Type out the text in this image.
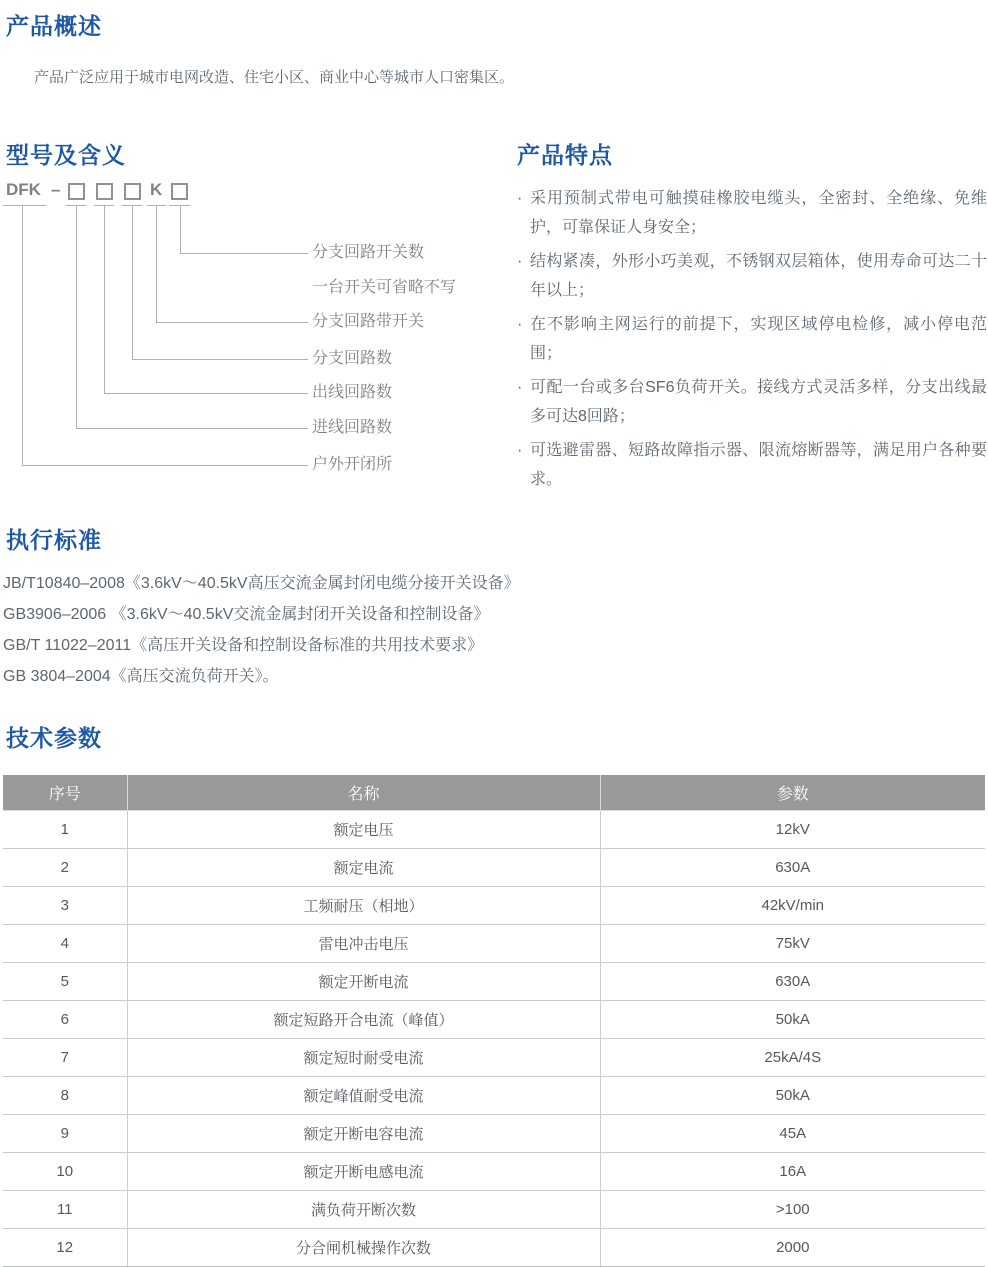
产品概述
产品广泛应用于城市电网改造、住宅小区、商业中心等城市人口密集区。
型号及含义
DFK –	K
分支回路开关数
一台开关可省略不写
分支回路带开关
分支回路数
出线回路数
进线回路数
户外开闭所
产品特点
· 采用预制式带电可触摸硅橡胶电缆头，全密封、全绝缘、免维护，可靠保证人身安全；
· 结构紧凑，外形小巧美观，不锈钢双层箱体，使用寿命可达二十年以上；
· 在不影响主网运行的前提下，实现区域停电检修，减小停电范围；
· 可配一台或多台SF6负荷开关。接线方式灵活多样，分支出线最多可达8回路；
· 可选避雷器、短路故障指示器、限流熔断器等，满足用户各种要求。
执行标准
JB/T10840–2008《3.6kV～40.5kV高压交流金属封闭电缆分接开关设备》
GB3906–2006 《3.6kV～40.5kV交流金属封闭开关设备和控制设备》
GB/T 11022–2011《高压开关设备和控制设备标准的共用技术要求》
GB 3804–2004《高压交流负荷开关》。
技术参数
序号	名称	参数
1	额定电压	12kV
2	额定电流	630A
3	工频耐压（相地）	42kV/min
4	雷电冲击电压	75kV
5	额定开断电流	630A
6	额定短路开合电流（峰值）	50kA
7	额定短时耐受电流	25kA/4S
8	额定峰值耐受电流	50kA
9	额定开断电容电流	45A
10	额定开断电感电流	16A
11	满负荷开断次数	>100
12	分合闸机械操作次数	2000
